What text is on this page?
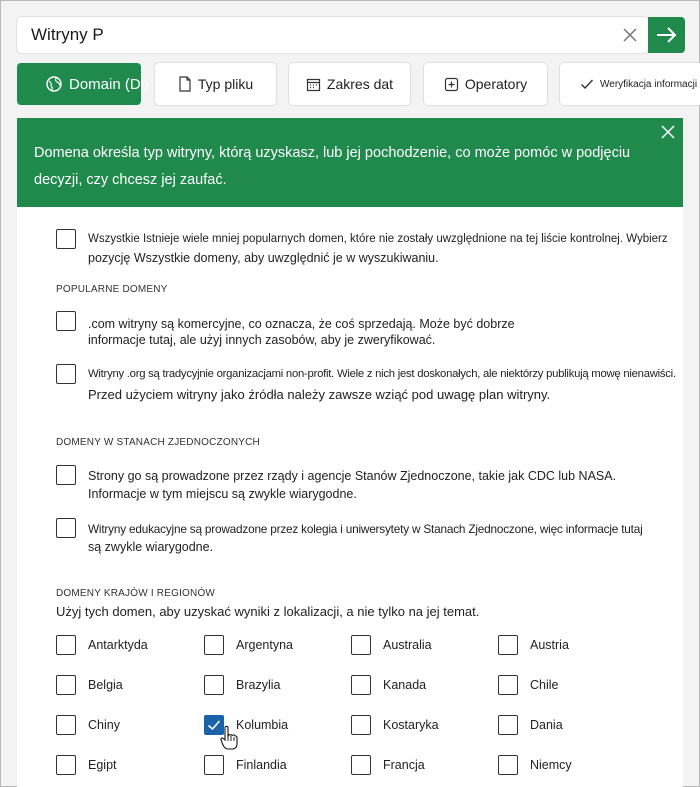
Witryny P
Domain (Do	Typ pliku	Zakres dat	Operatory	Weryfikacja informacji
Domena określa typ witryny, którą uzyskasz, lub jej pochodzenie, co może pomóc w podjęciu decyzji, czy chcesz jej zaufać.
Wszystkie Istnieje wiele mniej popularnych domen, które nie zostały uwzględnione na tej liście kontrolnej. Wybierz
pozycję Wszystkie domeny, aby uwzględnić je w wyszukiwaniu.
POPULARNE DOMENY
.com witryny są komercyjne, co oznacza, że coś sprzedają. Może być dobrze
informacje tutaj, ale użyj innych zasobów, aby je zweryfikować.
Witryny .org są tradycyjnie organizacjami non-profit. Wiele z nich jest doskonałych, ale niektórzy publikują mowę nienawiści.
Przed użyciem witryny jako źródła należy zawsze wziąć pod uwagę plan witryny.
DOMENY W STANACH ZJEDNOCZONYCH
Strony go są prowadzone przez rządy i agencje Stanów Zjednoczone, takie jak CDC lub NASA.
Informacje w tym miejscu są zwykle wiarygodne.
Witryny edukacyjne są prowadzone przez kolegia i uniwersytety w Stanach Zjednoczone, więc informacje tutaj
są zwykle wiarygodne.
DOMENY KRAJÓW I REGIONÓW
Użyj tych domen, aby uzyskać wyniki z lokalizacji, a nie tylko na jej temat.
Antarktyda	Argentyna	Australia	Austria
Belgia	Brazylia	Kanada	Chile
Chiny	Kolumbia	Kostaryka	Dania
Egipt	Finlandia	Francja	Niemcy
